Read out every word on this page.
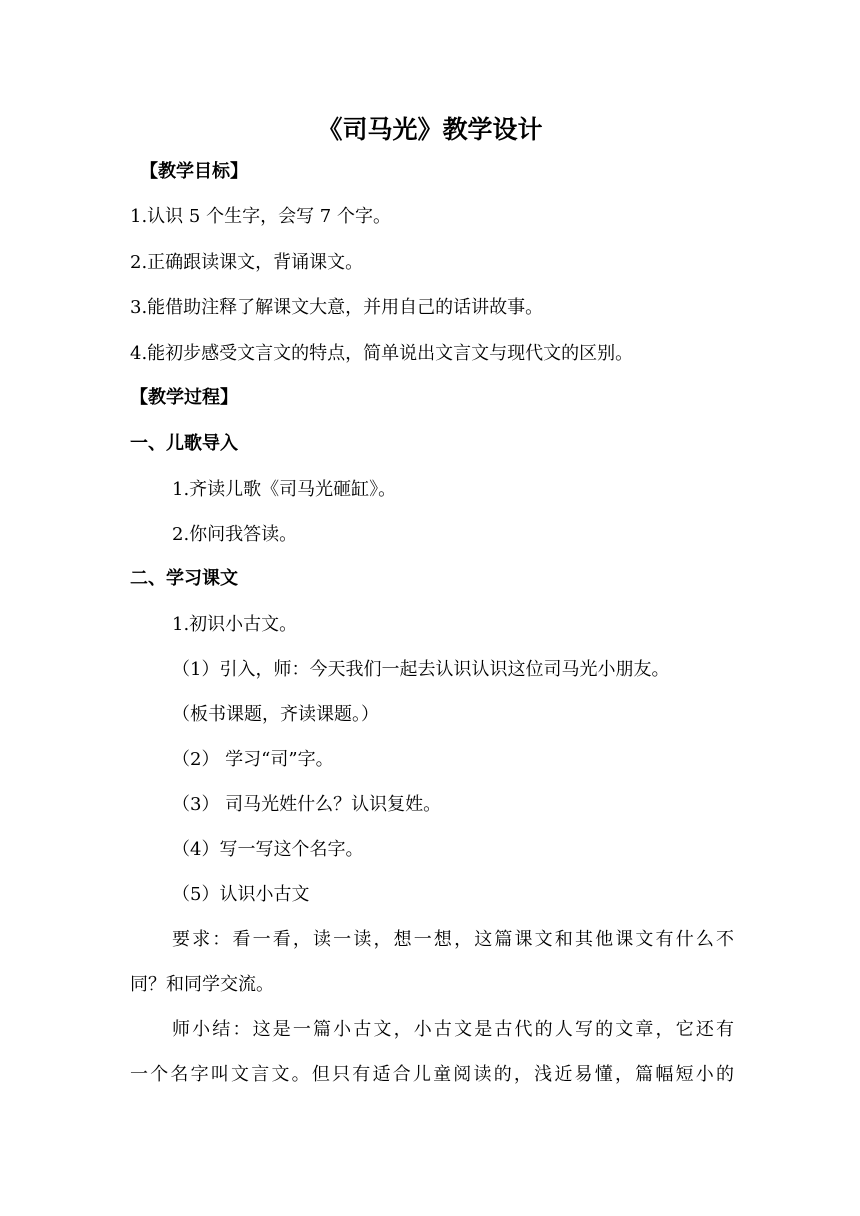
《司马光》教学设计
【教学目标】
1.认识 5 个生字，会写 7 个字。
2.正确跟读课文，背诵课文。
3.能借助注释了解课文大意，并用自己的话讲故事。
4.能初步感受文言文的特点，简单说出文言文与现代文的区别。
【教学过程】
一、儿歌导入
1.齐读儿歌《司马光砸缸》。
2.你问我答读。
二、学习课文
1.初识小古文。
（1）引入，师：今天我们一起去认识认识这位司马光小朋友。
（板书课题，齐读课题。）
（2） 学习“司”字。
（3） 司马光姓什么？认识复姓。
（4）写一写这个名字。
（5）认识小古文
要求：看一看，读一读，想一想，这篇课文和其他课文有什么不
同？和同学交流。
师小结：这是一篇小古文，小古文是古代的人写的文章，它还有
一个名字叫文言文。但只有适合儿童阅读的，浅近易懂，篇幅短小的
